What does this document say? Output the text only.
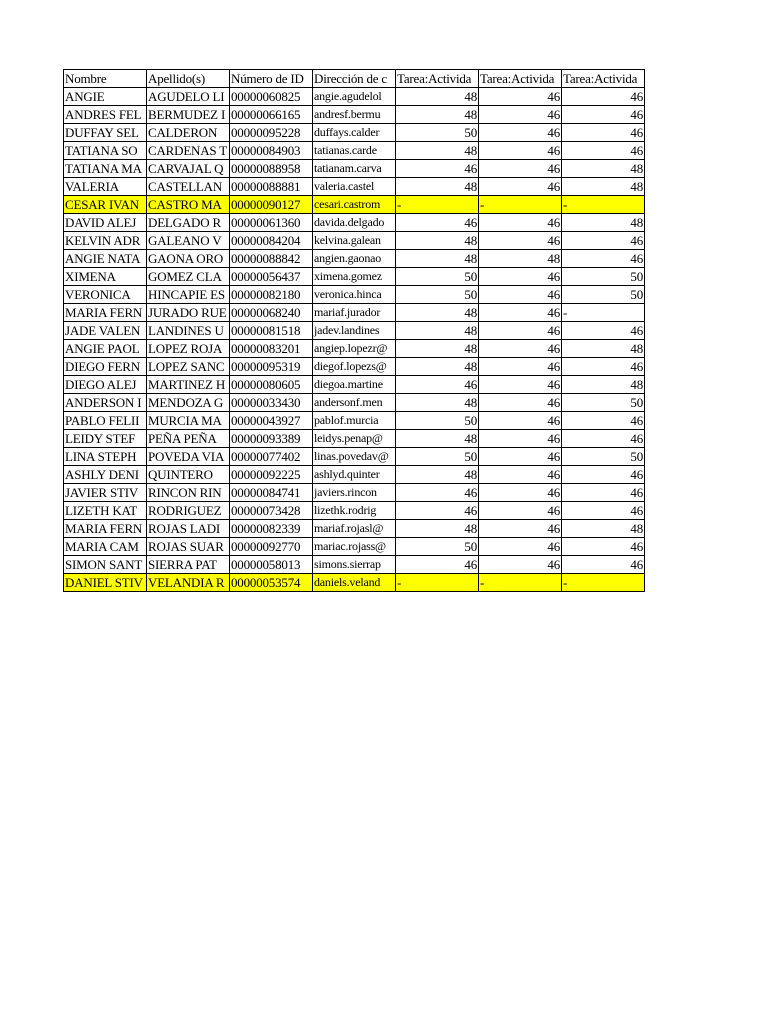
Nombre	Apellido(s)	Número de ID	Dirección de c	Tarea:Activida	Tarea:Activida	Tarea:Activida
ANGIE	AGUDELO LI	00000060825	angie.agudelol	48	46	46
ANDRES FEL	BERMUDEZ I	00000066165	andresf.bermu	48	46	46
DUFFAY SEL	CALDERON	00000095228	duffays.calder	50	46	46
TATIANA SO	CARDENAS T	00000084903	tatianas.carde	48	46	46
TATIANA MA	CARVAJAL Q	00000088958	tatianam.carva	46	46	48
VALERIA	CASTELLAN	00000088881	valeria.castel	48	46	48
CESAR IVAN	CASTRO MA	00000090127	cesari.castrom	-	-	-
DAVID ALEJ	DELGADO R	00000061360	davida.delgado	46	46	48
KELVIN ADR	GALEANO V	00000084204	kelvina.galean	48	46	46
ANGIE NATA	GAONA ORO	00000088842	angien.gaonao	48	48	46
XIMENA	GOMEZ CLA	00000056437	ximena.gomez	50	46	50
VERONICA	HINCAPIE ES	00000082180	veronica.hinca	50	46	50
MARIA FERN	JURADO RUE	00000068240	mariaf.jurador	48	46	-
JADE VALEN	LANDINES U	00000081518	jadev.landines	48	46	46
ANGIE PAOL	LOPEZ ROJA	00000083201	angiep.lopezr@	48	46	48
DIEGO FERN	LOPEZ SANC	00000095319	diegof.lopezs@	48	46	46
DIEGO ALEJ	MARTINEZ H	00000080605	diegoa.martine	46	46	48
ANDERSON I	MENDOZA G	00000033430	andersonf.men	48	46	50
PABLO FELII	MURCIA MA	00000043927	pablof.murcia	50	46	46
LEIDY STEF	PEÑA PEÑA	00000093389	leidys.penap@	48	46	46
LINA STEPH	POVEDA VIA	00000077402	linas.povedav@	50	46	50
ASHLY DENI	QUINTERO	00000092225	ashlyd.quinter	48	46	46
JAVIER STIV	RINCON RIN	00000084741	javiers.rincon	46	46	46
LIZETH KAT	RODRIGUEZ	00000073428	lizethk.rodrig	46	46	46
MARIA FERN	ROJAS LADI	00000082339	mariaf.rojasl@	48	46	48
MARIA CAM	ROJAS SUAR	00000092770	mariac.rojass@	50	46	46
SIMON SANT	SIERRA PAT	00000058013	simons.sierrap	46	46	46
DANIEL STIV	VELANDIA R	00000053574	daniels.veland	-	-	-
